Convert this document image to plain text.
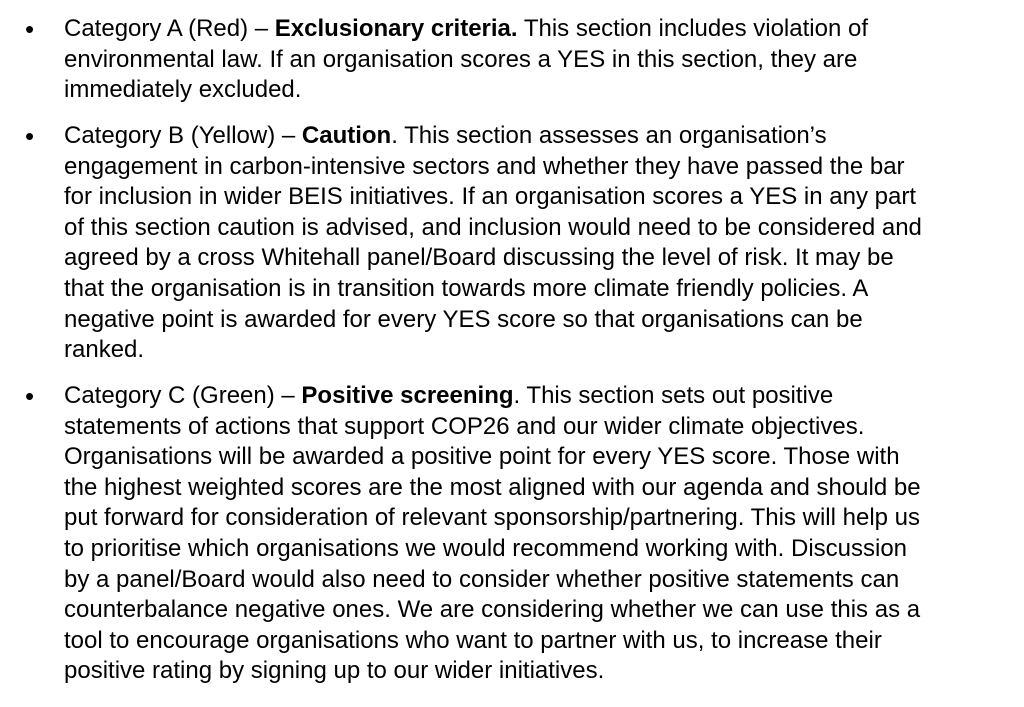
• Category A (Red) – Exclusionary criteria. This section includes violation of
environmental law. If an organisation scores a YES in this section, they are
immediately excluded.
• Category B (Yellow) – Caution. This section assesses an organisation’s
engagement in carbon-intensive sectors and whether they have passed the bar
for inclusion in wider BEIS initiatives. If an organisation scores a YES in any part
of this section caution is advised, and inclusion would need to be considered and
agreed by a cross Whitehall panel/Board discussing the level of risk. It may be
that the organisation is in transition towards more climate friendly policies. A
negative point is awarded for every YES score so that organisations can be
ranked.
• Category C (Green) – Positive screening. This section sets out positive
statements of actions that support COP26 and our wider climate objectives.
Organisations will be awarded a positive point for every YES score. Those with
the highest weighted scores are the most aligned with our agenda and should be
put forward for consideration of relevant sponsorship/partnering. This will help us
to prioritise which organisations we would recommend working with. Discussion
by a panel/Board would also need to consider whether positive statements can
counterbalance negative ones. We are considering whether we can use this as a
tool to encourage organisations who want to partner with us, to increase their
positive rating by signing up to our wider initiatives.
